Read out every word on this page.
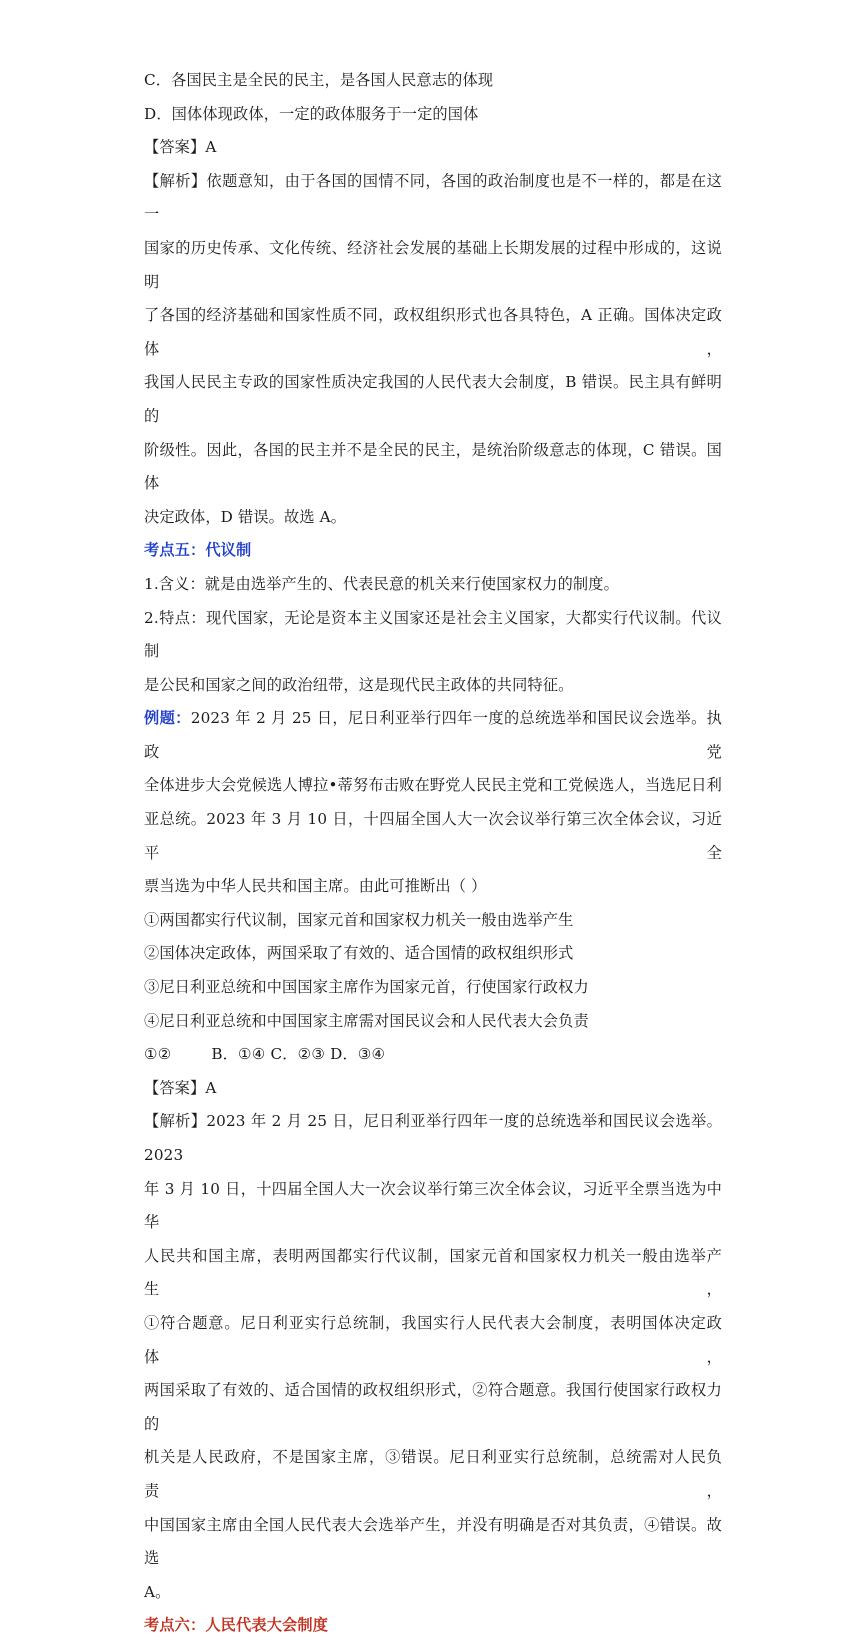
C．各国民主是全民的民主，是各国人民意志的体现
D．国体体现政体，一定的政体服务于一定的国体
【答案】A
【解析】依题意知，由于各国的国情不同，各国的政治制度也是不一样的，都是在这一
国家的历史传承、文化传统、经济社会发展的基础上长期发展的过程中形成的，这说明
了各国的经济基础和国家性质不同，政权组织形式也各具特色，A 正确。国体决定政体，
我国人民民主专政的国家性质决定我国的人民代表大会制度，B 错误。民主具有鲜明的
阶级性。因此，各国的民主并不是全民的民主，是统治阶级意志的体现，C 错误。国体
决定政体，D 错误。故选 A。
考点五：代议制
1.含义：就是由选举产生的、代表民意的机关来行使国家权力的制度。
2.特点：现代国家，无论是资本主义国家还是社会主义国家，大都实行代议制。代议制
是公民和国家之间的政治纽带，这是现代民主政体的共同特征。
例题：2023 年 2 月 25 日，尼日利亚举行四年一度的总统选举和国民议会选举。执政党
全体进步大会党候选人博拉•蒂努布击败在野党人民民主党和工党候选人，当选尼日利
亚总统。2023 年 3 月 10 日，十四届全国人大一次会议举行第三次全体会议，习近平全
票当选为中华人民共和国主席。由此可推断出（ ）
①两国都实行代议制，国家元首和国家权力机关一般由选举产生
②国体决定政体，两国采取了有效的、适合国情的政权组织形式
③尼日利亚总统和中国国家主席作为国家元首，行使国家行政权力
④尼日利亚总统和中国国家主席需对国民议会和人民代表大会负责
①②        B．①④ C．②③ D．③④
【答案】A
【解析】2023 年 2 月 25 日，尼日利亚举行四年一度的总统选举和国民议会选举。2023
年 3 月 10 日，十四届全国人大一次会议举行第三次全体会议，习近平全票当选为中华
人民共和国主席，表明两国都实行代议制，国家元首和国家权力机关一般由选举产生，
①符合题意。尼日利亚实行总统制，我国实行人民代表大会制度，表明国体决定政体，
两国采取了有效的、适合国情的政权组织形式，②符合题意。我国行使国家行政权力的
机关是人民政府，不是国家主席，③错误。尼日利亚实行总统制，总统需对人民负责，
中国国家主席由全国人民代表大会选举产生，并没有明确是否对其负责，④错误。故选
A。
考点六：人民代表大会制度
